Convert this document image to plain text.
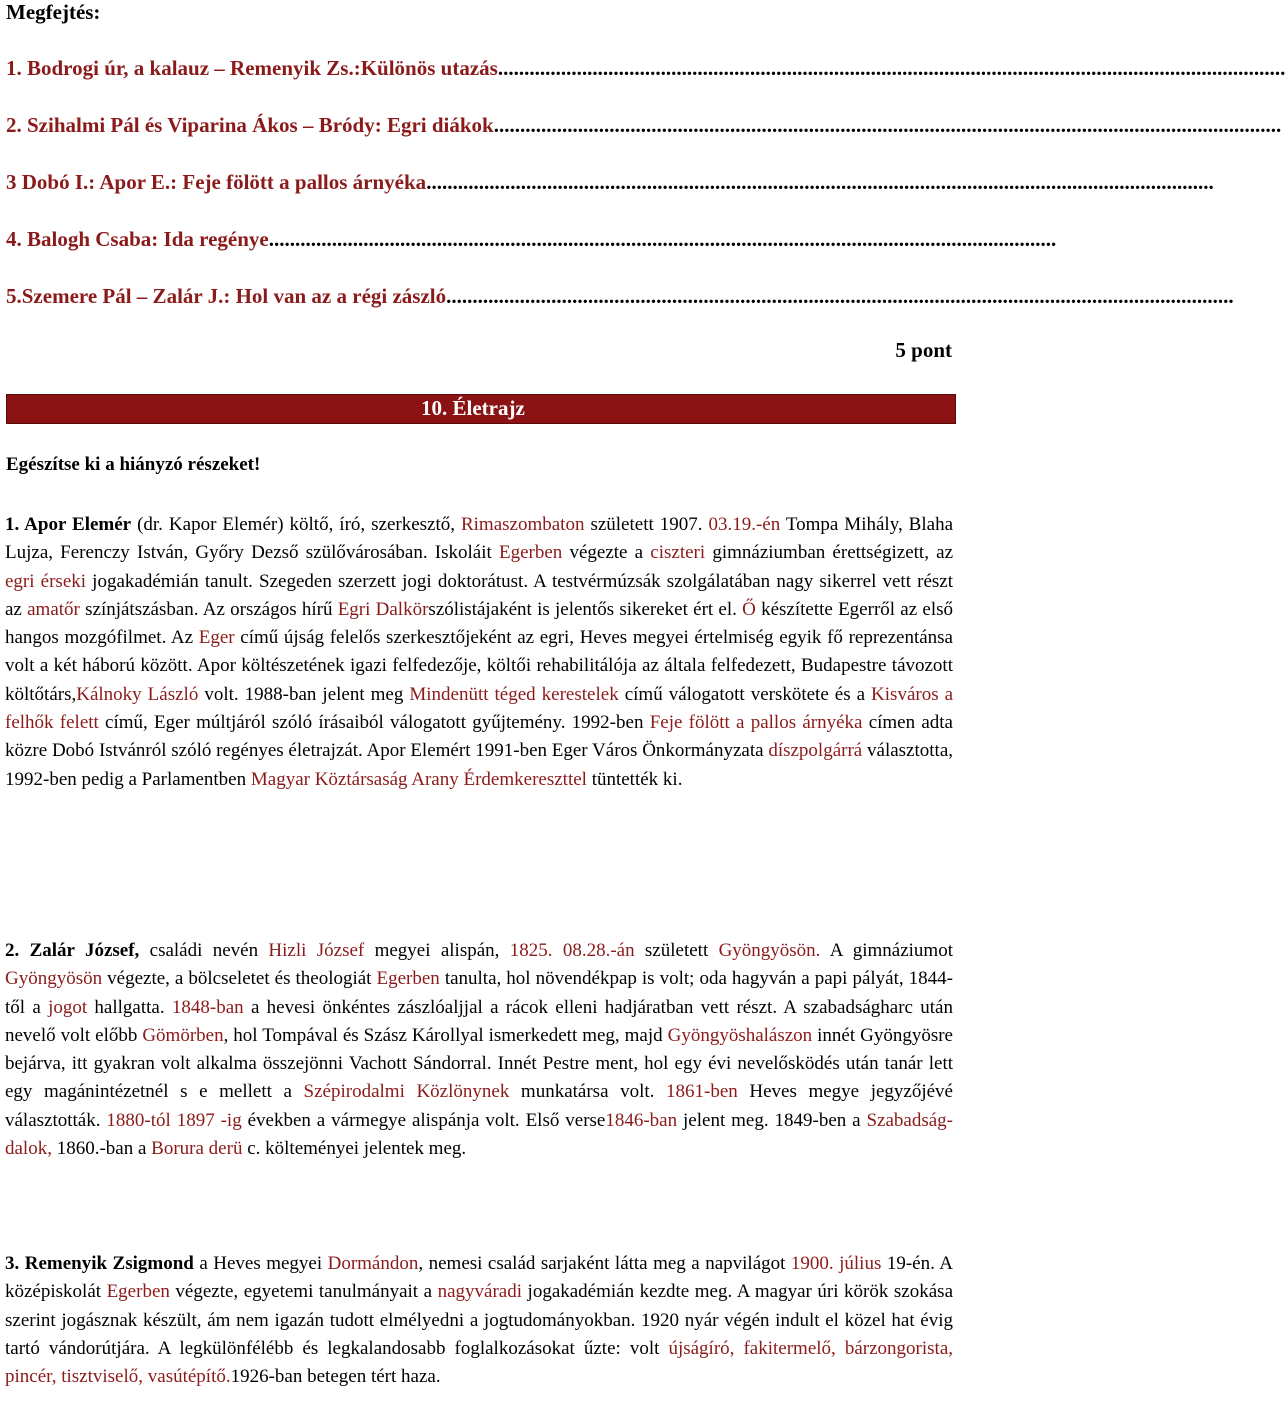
Megfejtés:
1. Bodrogi úr, a kalauz – Remenyik Zs.:Különös utazás......................................................................................................................................................
2. Szihalmi Pál és Viparina Ákos – Bródy: Egri diákok......................................................................................................................................................
3 Dobó I.: Apor E.: Feje fölött a pallos árnyéka......................................................................................................................................................
4. Balogh Csaba: Ida regénye......................................................................................................................................................
5.Szemere Pál – Zalár J.: Hol van az a régi zászló......................................................................................................................................................
5 pont
10. Életrajz
Egészítse ki a hiányzó részeket!
1. Apor Elemér (dr. Kapor Elemér) költő, író, szerkesztő, Rimaszombaton született 1907. 03.19.-én Tompa Mihály, Blaha Lujza, Ferenczy István, Győry Dezső szülővárosában. Iskoláit Egerben végezte a ciszteri gimnáziumban érettségizett, az egri érseki jogakadémián tanult. Szegeden szerzett jogi doktorátust. A testvérmúzsák szolgálatában nagy sikerrel vett részt az amatőr színjátszásban. Az országos hírű Egri Dalkörszólistájaként is jelentős sikereket ért el. Ő készítette Egerről az első hangos mozgófilmet. Az Eger című újság felelős szerkesztőjeként az egri, Heves megyei értelmiség egyik fő reprezentánsa volt a két háború között. Apor költészetének igazi felfedezője, költői rehabilitálója az általa felfedezett, Budapestre távozott költőtárs,Kálnoky László volt. 1988-ban jelent meg Mindenütt téged kerestelek című válogatott verskötete és a Kisváros a felhők felett című, Eger múltjáról szóló írásaiból válogatott gyűjtemény. 1992-ben Feje fölött a pallos árnyéka címen adta közre Dobó Istvánról szóló regényes életrajzát. Apor Elemért 1991-ben Eger Város Önkormányzata díszpolgárrá választotta, 1992-ben pedig a Parlamentben Magyar Köztársaság Arany Érdemkereszttel tüntették ki.
2. Zalár József, családi nevén Hizli József megyei alispán, 1825. 08.28.-án született Gyöngyösön. A gimnáziumot Gyöngyösön végezte, a bölcseletet és theologiát Egerben tanulta, hol növendékpap is volt; oda hagyván a papi pályát, 1844-től a jogot hallgatta. 1848-ban a hevesi önkéntes zászlóaljjal a rácok elleni hadjáratban vett részt. A szabadságharc után nevelő volt előbb Gömörben, hol Tompával és Szász Károllyal ismerkedett meg, majd Gyöngyöshalászon innét Gyöngyösre bejárva, itt gyakran volt alkalma összejönni Vachott Sándorral. Innét Pestre ment, hol egy évi nevelősködés után tanár lett egy magánintézetnél s e mellett a Szépirodalmi Közlönynek munkatársa volt. 1861-ben Heves megye jegyzőjévé választották. 1880-tól 1897 -ig években a vármegye alispánja volt. Első verse1846-ban jelent meg. 1849-ben a Szabadság-dalok, 1860.-ban a Borura derü c. költeményei jelentek meg.
3. Remenyik Zsigmond a Heves megyei Dormándon, nemesi család sarjaként látta meg a napvilágot 1900. július 19-én. A középiskolát Egerben végezte, egyetemi tanulmányait a nagyváradi jogakadémián kezdte meg. A magyar úri körök szokása szerint jogásznak készült, ám nem igazán tudott elmélyedni a jogtudományokban. 1920 nyár végén indult el közel hat évig tartó vándorútjára. A legkülönfélébb és legkalandosabb foglalkozásokat űzte: volt újságíró, fakitermelő, bárzongorista, pincér, tisztviselő, vasútépítő.1926-ban betegen tért haza.
